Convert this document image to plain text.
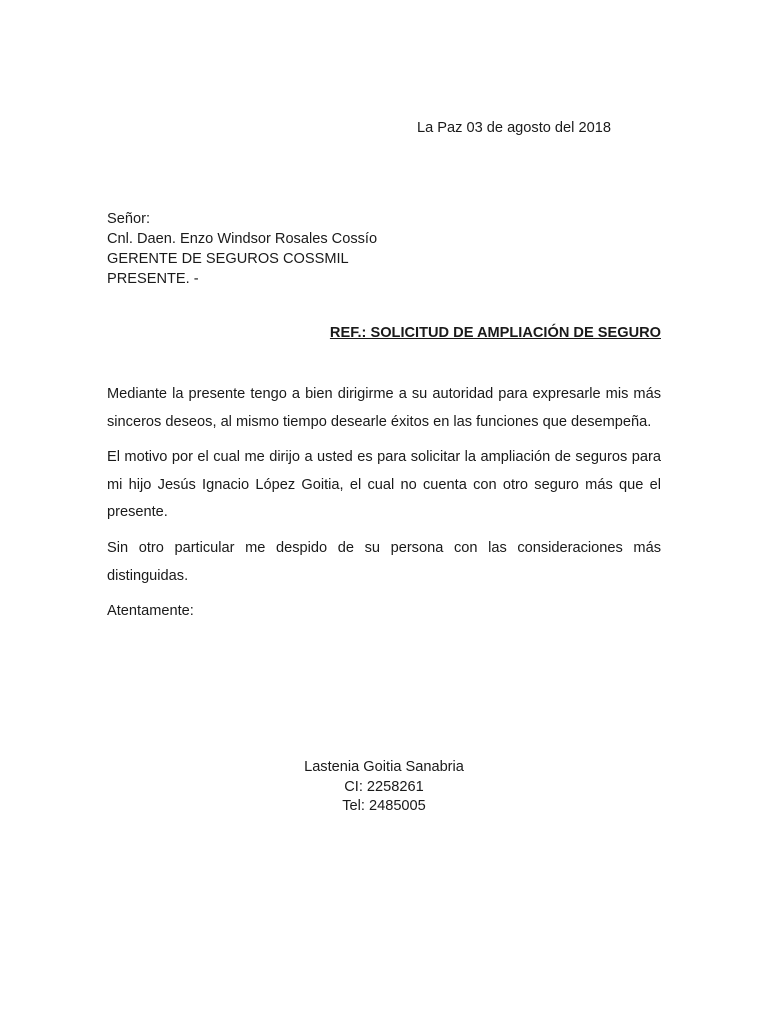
La Paz 03 de agosto del 2018
Señor:
Cnl. Daen. Enzo Windsor Rosales Cossío
GERENTE DE SEGUROS COSSMIL
PRESENTE. -
REF.: SOLICITUD DE AMPLIACIÓN DE SEGURO
Mediante la presente tengo a bien dirigirme a su autoridad para expresarle mis más sinceros deseos, al mismo tiempo desearle éxitos en las funciones que desempeña.
El motivo por el cual me dirijo a usted es para solicitar la ampliación de seguros para mi hijo Jesús Ignacio López Goitia, el cual no cuenta con otro seguro más que el presente.
Sin otro particular me despido de su persona con las consideraciones más distinguidas.
Atentamente:
Lastenia Goitia Sanabria
CI: 2258261
Tel: 2485005
